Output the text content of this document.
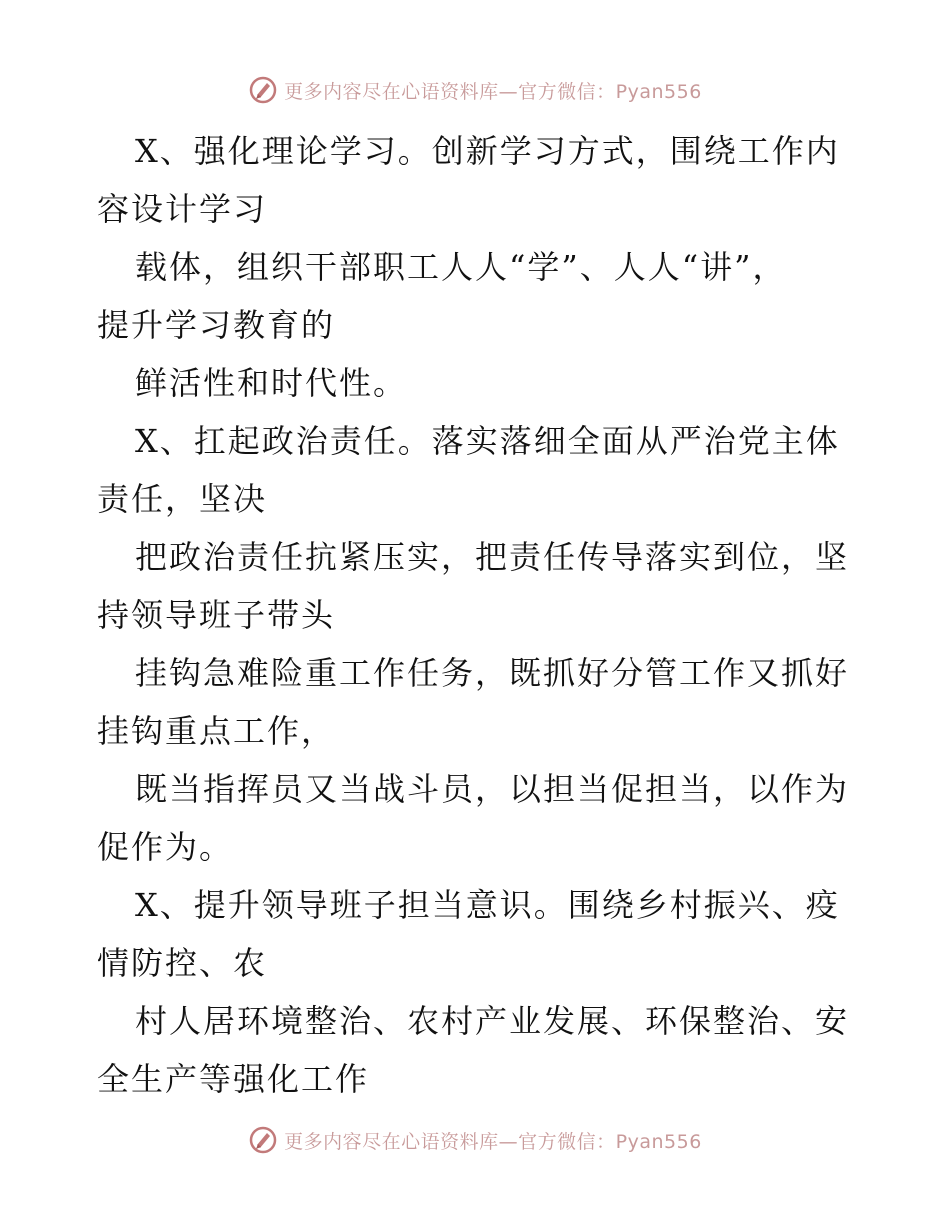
更多内容尽在心语资料库—官方微信：Pyan556
X、强化理论学习。创新学习方式，围绕工作内
容设计学习
载体，组织干部职工人人“学”、人人“讲”，
提升学习教育的
鲜活性和时代性。
X、扛起政治责任。落实落细全面从严治党主体
责任，坚决
把政治责任抗紧压实，把责任传导落实到位，坚
持领导班子带头
挂钩急难险重工作任务，既抓好分管工作又抓好
挂钩重点工作，
既当指挥员又当战斗员，以担当促担当，以作为
促作为。
X、提升领导班子担当意识。围绕乡村振兴、疫
情防控、农
村人居环境整治、农村产业发展、环保整治、安
全生产等强化工作
更多内容尽在心语资料库—官方微信：Pyan556
